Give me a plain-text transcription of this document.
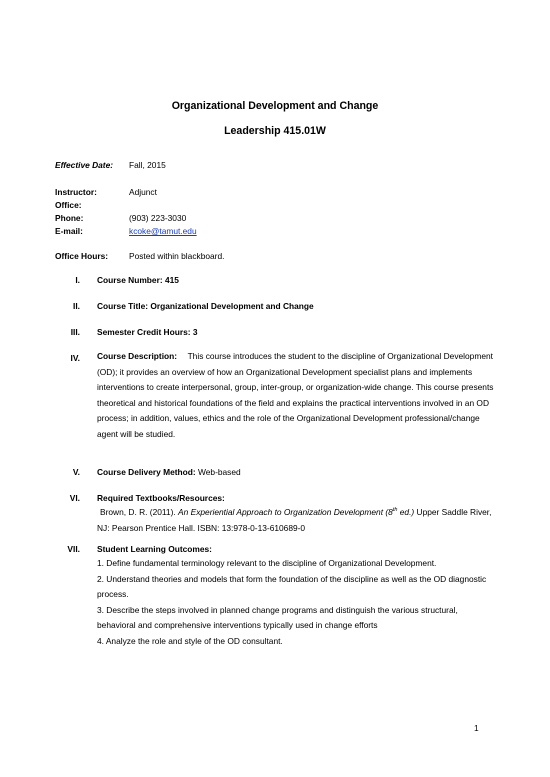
Organizational Development and Change
Leadership 415.01W
Effective Date: Fall, 2015
Instructor:	Adjunct
Office:
Phone:	(903) 223-3030
E-mail:	kcoke@tamut.edu
Office Hours: Posted within blackboard.
I. Course Number: 415
II. Course Title: Organizational Development and Change
III. Semester Credit Hours: 3
IV. Course Description: This course introduces the student to the discipline of Organizational Development (OD); it provides an overview of how an Organizational Development specialist plans and implements interventions to create interpersonal, group, inter-group, or organization-wide change. This course presents theoretical and historical foundations of the field and explains the practical interventions involved in an OD process; in addition, values, ethics and the role of the Organizational Development professional/change agent will be studied.
V. Course Delivery Method: Web-based
VI. Required Textbooks/Resources:
Brown, D. R. (2011). An Experiential Approach to Organization Development (8th ed.) Upper Saddle River, NJ: Pearson Prentice Hall. ISBN: 13:978-0-13-610689-0
VII. Student Learning Outcomes:
1. Define fundamental terminology relevant to the discipline of Organizational Development.
2. Understand theories and models that form the foundation of the discipline as well as the OD diagnostic process.
3. Describe the steps involved in planned change programs and distinguish the various structural, behavioral and comprehensive interventions typically used in change efforts
4. Analyze the role and style of the OD consultant.
1
